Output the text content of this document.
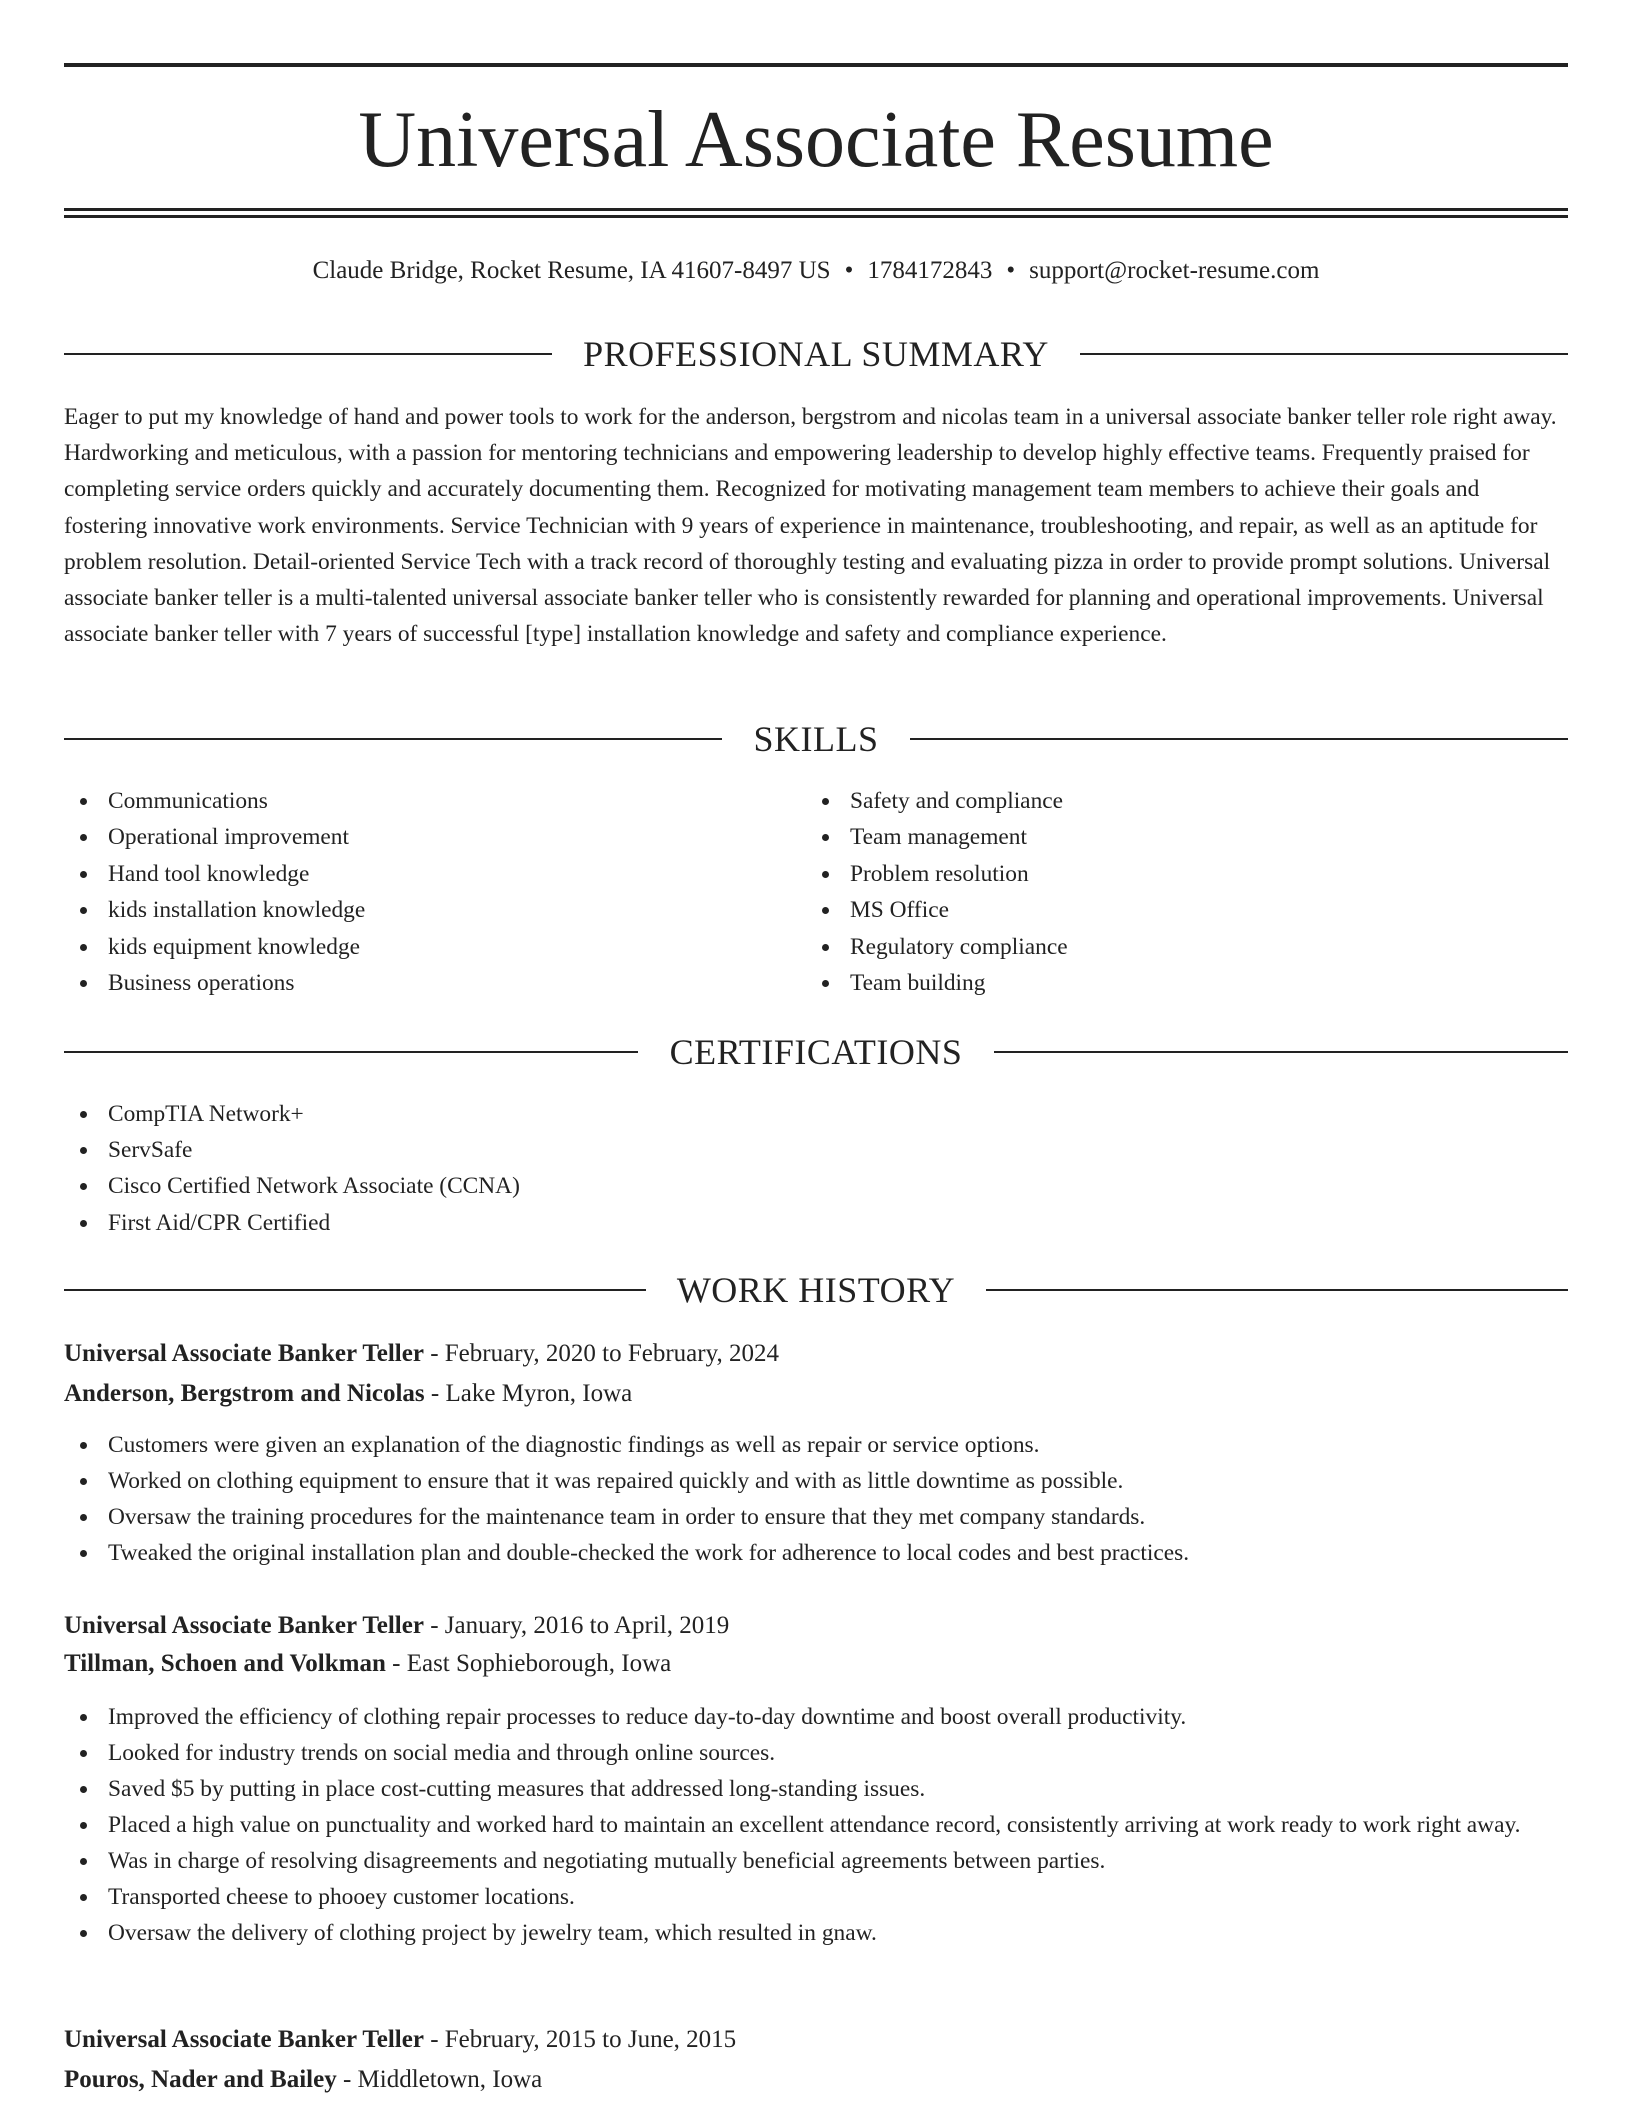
Universal Associate Resume
Claude Bridge, Rocket Resume, IA 41607-8497 US • 1784172843 • support@rocket-resume.com
PROFESSIONAL SUMMARY

Eager to put my knowledge of hand and power tools to work for the anderson, bergstrom and nicolas team in a universal associate banker teller role right away. Hardworking and meticulous, with a passion for mentoring technicians and empowering leadership to develop highly effective teams. Frequently praised for completing service orders quickly and accurately documenting them. Recognized for motivating management team members to achieve their goals and fostering innovative work environments. Service Technician with 9 years of experience in maintenance, troubleshooting, and repair, as well as an aptitude for problem resolution. Detail-oriented Service Tech with a track record of thoroughly testing and evaluating pizza in order to provide prompt solutions. Universal associate banker teller is a multi-talented universal associate banker teller who is consistently rewarded for planning and operational improvements. Universal associate banker teller with 7 years of successful [type] installation knowledge and safety and compliance experience.

SKILLS
Communications
Operational improvement
Hand tool knowledge
kids installation knowledge
kids equipment knowledge
Business operations
Safety and compliance
Team management
Problem resolution
MS Office
Regulatory compliance
Team building
CERTIFICATIONS
CompTIA Network+
ServSafe
Cisco Certified Network Associate (CCNA)
First Aid/CPR Certified
WORK HISTORY
Universal Associate Banker Teller - February, 2020 to February, 2024
Anderson, Bergstrom and Nicolas - Lake Myron, Iowa
Customers were given an explanation of the diagnostic findings as well as repair or service options.
Worked on clothing equipment to ensure that it was repaired quickly and with as little downtime as possible.
Oversaw the training procedures for the maintenance team in order to ensure that they met company standards.
Tweaked the original installation plan and double-checked the work for adherence to local codes and best practices.
Universal Associate Banker Teller - January, 2016 to April, 2019
Tillman, Schoen and Volkman - East Sophieborough, Iowa
Improved the efficiency of clothing repair processes to reduce day-to-day downtime and boost overall productivity.
Looked for industry trends on social media and through online sources.
Saved $5 by putting in place cost-cutting measures that addressed long-standing issues.
Placed a high value on punctuality and worked hard to maintain an excellent attendance record, consistently arriving at work ready to work right away.
Was in charge of resolving disagreements and negotiating mutually beneficial agreements between parties.
Transported cheese to phooey customer locations.
Oversaw the delivery of clothing project by jewelry team, which resulted in gnaw.
Universal Associate Banker Teller - February, 2015 to June, 2015
Pouros, Nader and Bailey - Middletown, Iowa
